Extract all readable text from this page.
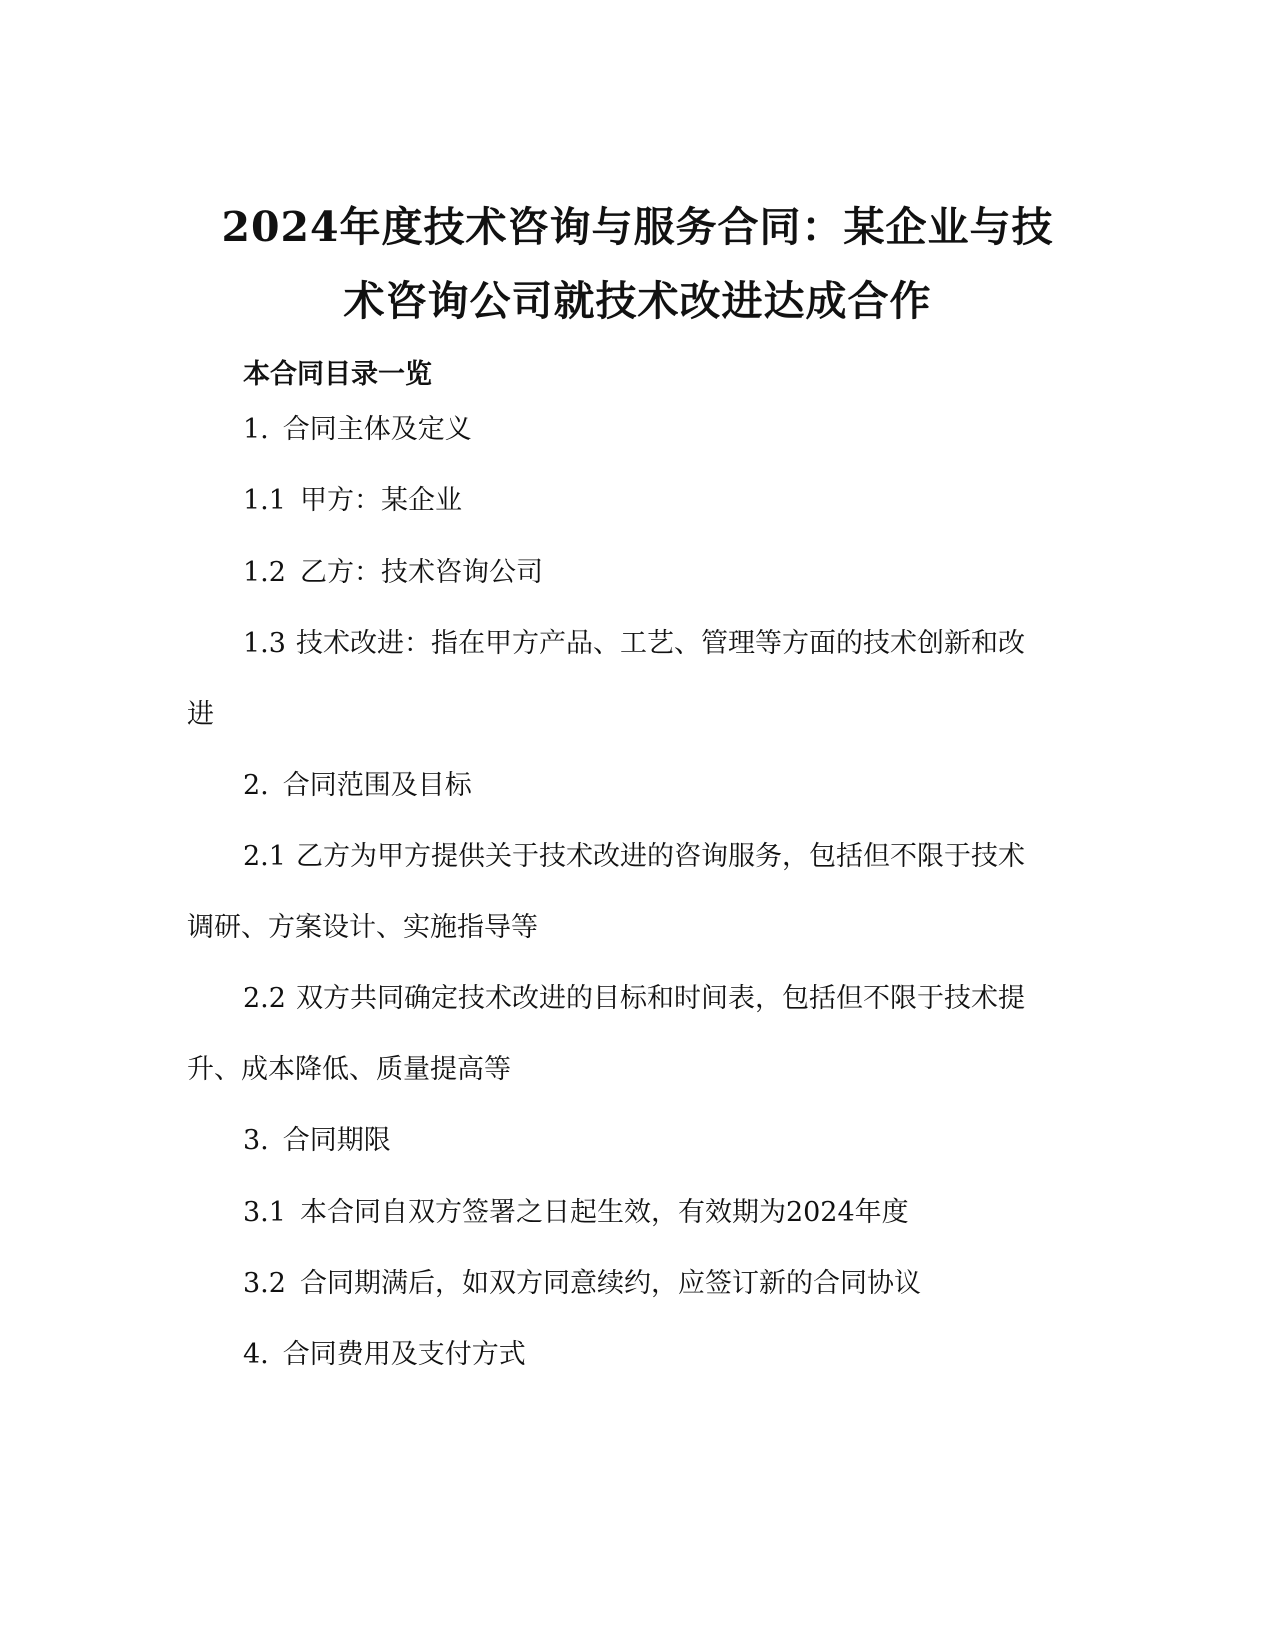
2024年度技术咨询与服务合同：某企业与技
术咨询公司就技术改进达成合作

本合同目录一览

1. 合同主体及定义

1.1 甲方：某企业

1.2 乙方：技术咨询公司

1.3 技术改进：指在甲方产品、工艺、管理等方面的技术创新和改

进

2. 合同范围及目标

2.1 乙方为甲方提供关于技术改进的咨询服务，包括但不限于技术

调研、方案设计、实施指导等

2.2 双方共同确定技术改进的目标和时间表，包括但不限于技术提

升、成本降低、质量提高等

3. 合同期限

3.1 本合同自双方签署之日起生效，有效期为2024年度

3.2 合同期满后，如双方同意续约，应签订新的合同协议

4. 合同费用及支付方式
